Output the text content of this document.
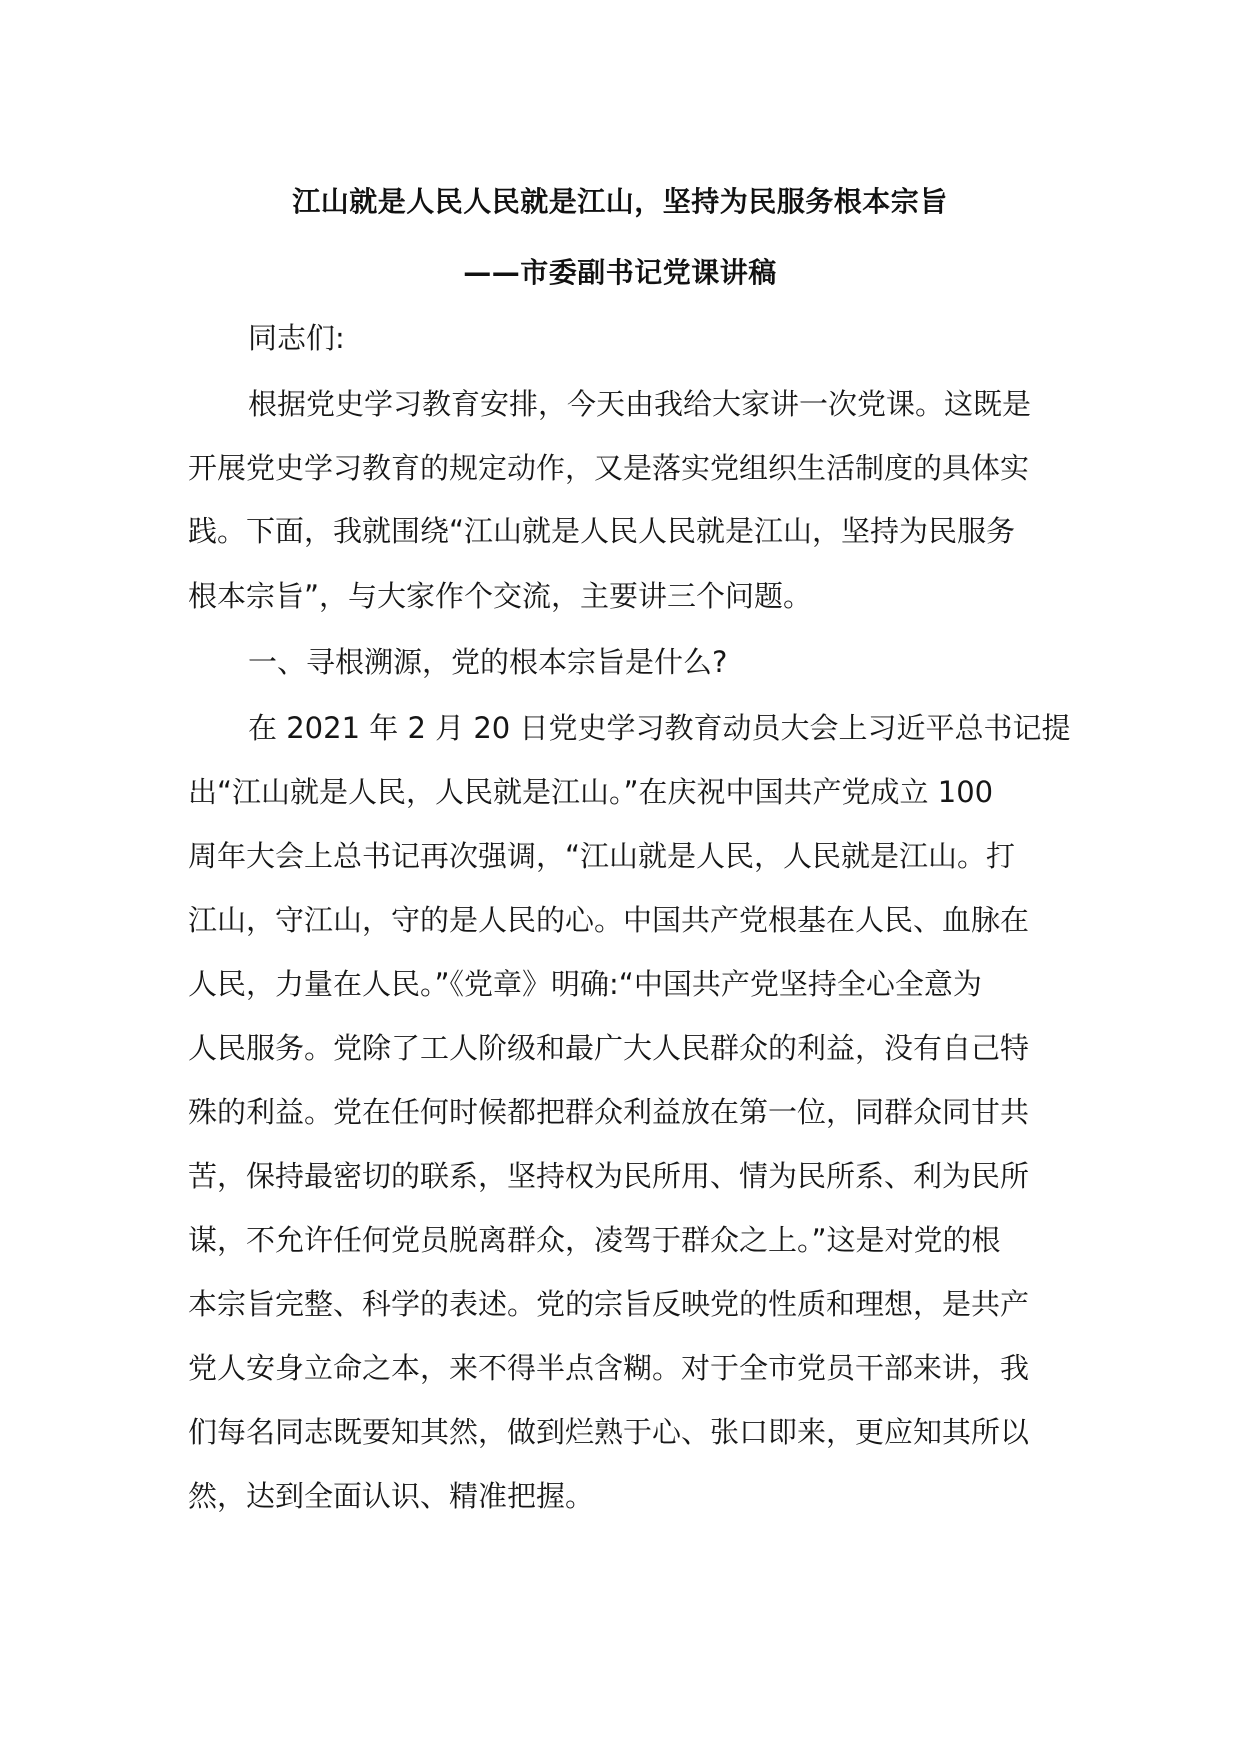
江山就是人民人民就是江山，坚持为民服务根本宗旨
——市委副书记党课讲稿
同志们:
根据党史学习教育安排，今天由我给大家讲一次党课。这既是
开展党史学习教育的规定动作，又是落实党组织生活制度的具体实
践。下面，我就围绕“江山就是人民人民就是江山，坚持为民服务
根本宗旨”，与大家作个交流，主要讲三个问题。
一、寻根溯源，党的根本宗旨是什么?
在 2021 年 2 月 20 日党史学习教育动员大会上习近平总书记提
出“江山就是人民，人民就是江山。”在庆祝中国共产党成立 100
周年大会上总书记再次强调，“江山就是人民，人民就是江山。打
江山，守江山，守的是人民的心。中国共产党根基在人民、血脉在
人民，力量在人民。”《党章》明确:“中国共产党坚持全心全意为
人民服务。党除了工人阶级和最广大人民群众的利益，没有自己特
殊的利益。党在任何时候都把群众利益放在第一位，同群众同甘共
苦，保持最密切的联系，坚持权为民所用、情为民所系、利为民所
谋，不允许任何党员脱离群众，凌驾于群众之上。”这是对党的根
本宗旨完整、科学的表述。党的宗旨反映党的性质和理想，是共产
党人安身立命之本，来不得半点含糊。对于全市党员干部来讲，我
们每名同志既要知其然，做到烂熟于心、张口即来，更应知其所以
然，达到全面认识、精准把握。
